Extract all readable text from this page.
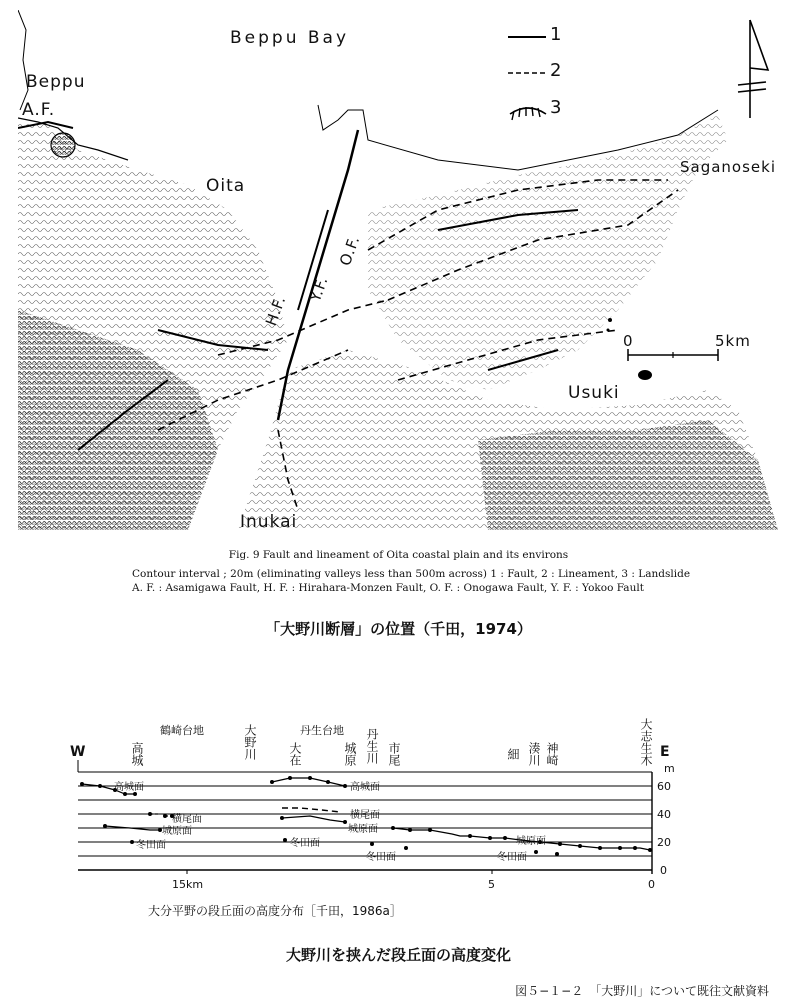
Beppu Bay
Beppu
A.F.
Oita
Saganoseki
Usuki
Inukai
H.F.
Y.F.
O.F.
1
2
3
0	5km
Fig. 9 Fault and lineament of Oita coastal plain and its environs
Contour interval ; 20m (eliminating valleys less than 500m across) 1 : Fault, 2 : Lineament, 3 : Landslide
A. F. : Asamigawa Fault, H. F. : Hirahara-Monzen Fault, O. F. : Onogawa Fault, Y. F. : Yokoo Fault
「大野川断層」の位置（千田，1974）
W	E
m
鶴崎台地	丹生台地
高城	大野川	大在	城原 丹生川 市尾	細 湊川 神崎	大志生木
高城面	高城面
横尾面	横尾面
城原面	城原面
城原面
冬田面	冬田面
冬田面	冬田面
0
20
40
60
15km	5	0
大分平野の段丘面の高度分布［千田，1986a］
大野川を挟んだ段丘面の高度変化
図５−１−２　「大野川」について既往文献資料
